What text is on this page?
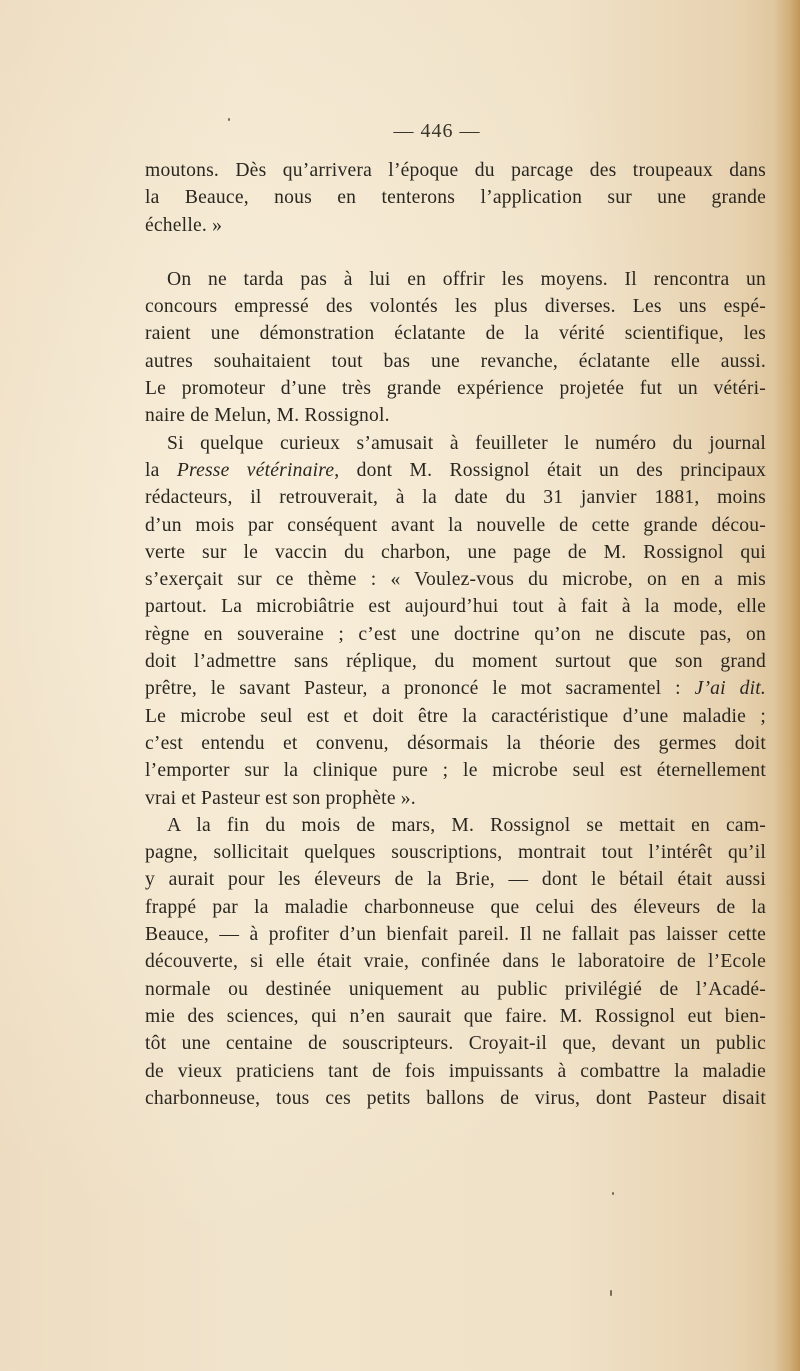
— 446 —
moutons. Dès qu’arrivera l’époque du parcage des troupeaux dans
la Beauce, nous en tenterons l’application sur une grande
échelle. »
On ne tarda pas à lui en offrir les moyens. Il rencontra un
concours empressé des volontés les plus diverses. Les uns espé-
raient une démonstration éclatante de la vérité scientifique, les
autres souhaitaient tout bas une revanche, éclatante elle aussi.
Le promoteur d’une très grande expérience projetée fut un vétéri-
naire de Melun, M. Rossignol.
Si quelque curieux s’amusait à feuilleter le numéro du journal
la Presse vétérinaire, dont M. Rossignol était un des principaux
rédacteurs, il retrouverait, à la date du 31 janvier 1881, moins
d’un mois par conséquent avant la nouvelle de cette grande décou-
verte sur le vaccin du charbon, une page de M. Rossignol qui
s’exerçait sur ce thème : « Voulez-vous du microbe, on en a mis
partout. La microbiâtrie est aujourd’hui tout à fait à la mode, elle
règne en souveraine ; c’est une doctrine qu’on ne discute pas, on
doit l’admettre sans réplique, du moment surtout que son grand
prêtre, le savant Pasteur, a prononcé le mot sacramentel : J’ai dit.
Le microbe seul est et doit être la caractéristique d’une maladie ;
c’est entendu et convenu, désormais la théorie des germes doit
l’emporter sur la clinique pure ; le microbe seul est éternellement
vrai et Pasteur est son prophète ».
A la fin du mois de mars, M. Rossignol se mettait en cam-
pagne, sollicitait quelques souscriptions, montrait tout l’intérêt qu’il
y aurait pour les éleveurs de la Brie, — dont le bétail était aussi
frappé par la maladie charbonneuse que celui des éleveurs de la
Beauce, — à profiter d’un bienfait pareil. Il ne fallait pas laisser cette
découverte, si elle était vraie, confinée dans le laboratoire de l’Ecole
normale ou destinée uniquement au public privilégié de l’Acadé-
mie des sciences, qui n’en saurait que faire. M. Rossignol eut bien-
tôt une centaine de souscripteurs. Croyait-il que, devant un public
de vieux praticiens tant de fois impuissants à combattre la maladie
charbonneuse, tous ces petits ballons de virus, dont Pasteur disait
